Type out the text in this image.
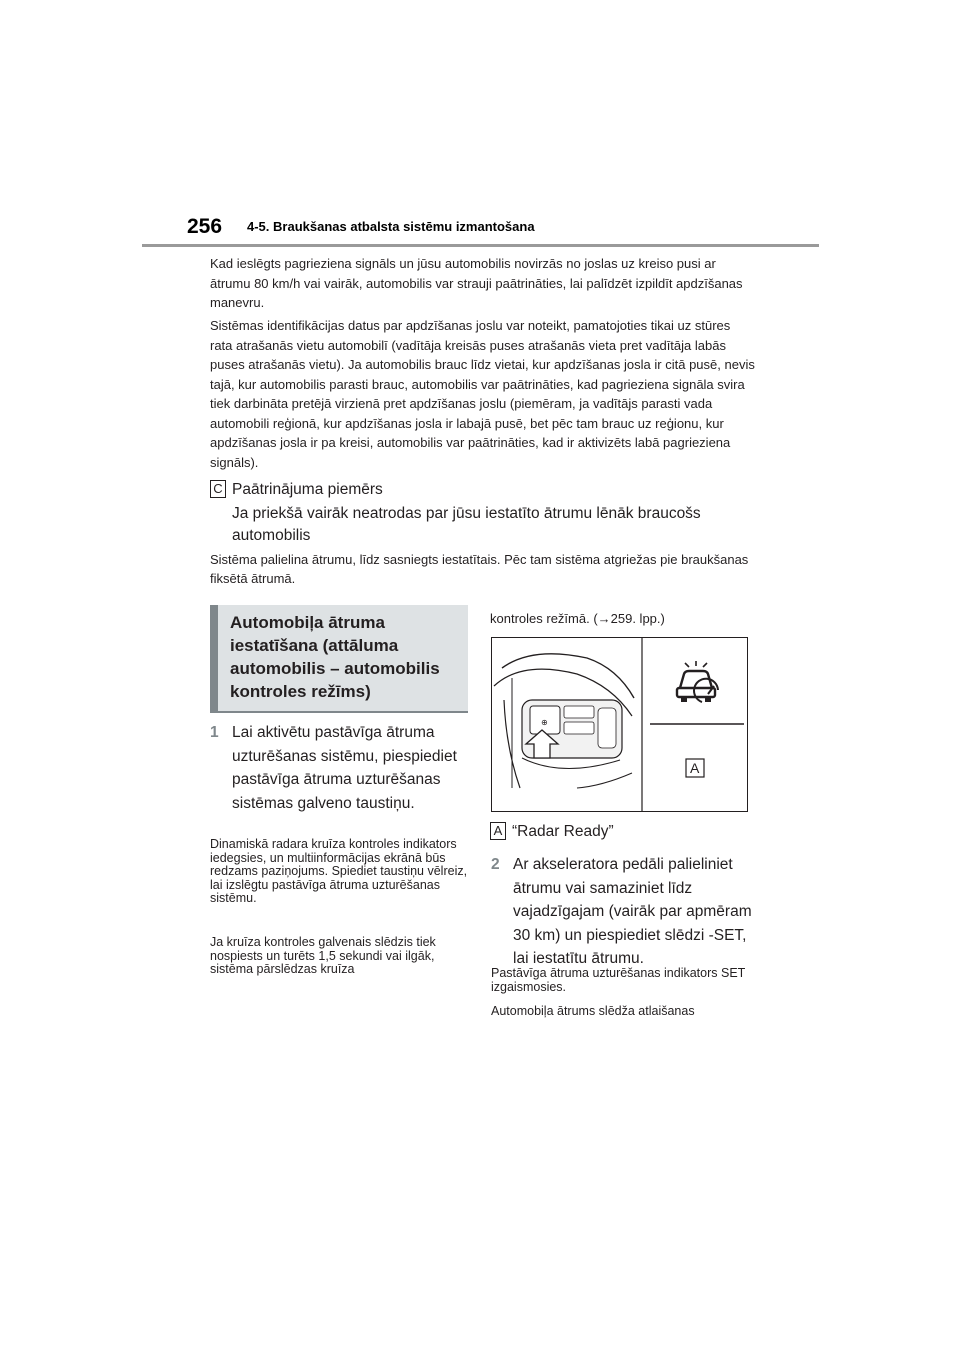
256 4-5. Braukšanas atbalsta sistēmu izmantošana

Kad ieslēgts pagrieziena signāls un jūsu automobilis novirzās no joslas uz kreiso pusi ar ātrumu 80 km/h vai vairāk, automobilis var strauji paātrināties, lai palīdzēt izpildīt apdzīšanas manevru.

Sistēmas identifikācijas datus par apdzīšanas joslu var noteikt, pamatojoties tikai uz stūres rata atrašanās vietu automobilī (vadītāja kreisās puses atrašanās vieta pret vadītāja labās puses atrašanās vietu). Ja automobilis brauc līdz vietai, kur apdzīšanas josla ir citā pusē, nevis tajā, kur automobilis parasti brauc, automobilis var paātrināties, kad pagrieziena signāla svira tiek darbināta pretējā virzienā pret apdzīšanas joslu (piemēram, ja vadītājs parasti vada automobili reģionā, kur apdzīšanas josla ir labajā pusē, bet pēc tam brauc uz reģionu, kur apdzīšanas josla ir pa kreisi, automobilis var paātrināties, kad ir aktivizēts labā pagrieziena signāls).

C Paātrinājuma piemērs
Ja priekšā vairāk neatrodas par jūsu iestatīto ātrumu lēnāk braucošs automobilis

Sistēma palielina ātrumu, līdz sasniegts iestatītais. Pēc tam sistēma atgriežas pie braukšanas fiksētā ātrumā.

Automobiļa ātruma iestatīšana (attāluma automobilis – automobilis kontroles režīms)
1 Lai aktivētu pastāvīga ātruma uzturēšanas sistēmu, piespiediet pastāvīga ātruma uzturēšanas sistēmas galveno taustiņu.

Dinamiskā radara kruīza kontroles indikators iedegsies, un multiinformācijas ekrānā būs redzams paziņojums. Spiediet taustiņu vēlreiz, lai izslēgtu pastāvīga ātruma uzturēšanas sistēmu.

Ja kruīza kontroles galvenais slēdzis tiek nospiests un turēts 1,5 sekundi vai ilgāk, sistēma pārslēdzas kruīza

kontroles režīmā. (→259. lpp.)
⊕
A
A “Radar Ready”
2 Ar akseleratora pedāli palieliniet ātrumu vai samaziniet līdz vajadzīgajam (vairāk par apmēram 30 km) un piespiediet slēdzi -SET, lai iestatītu ātrumu.

Pastāvīga ātruma uzturēšanas indikators SET izgaismosies.

Automobiļa ātrums slēdža atlaišanas
